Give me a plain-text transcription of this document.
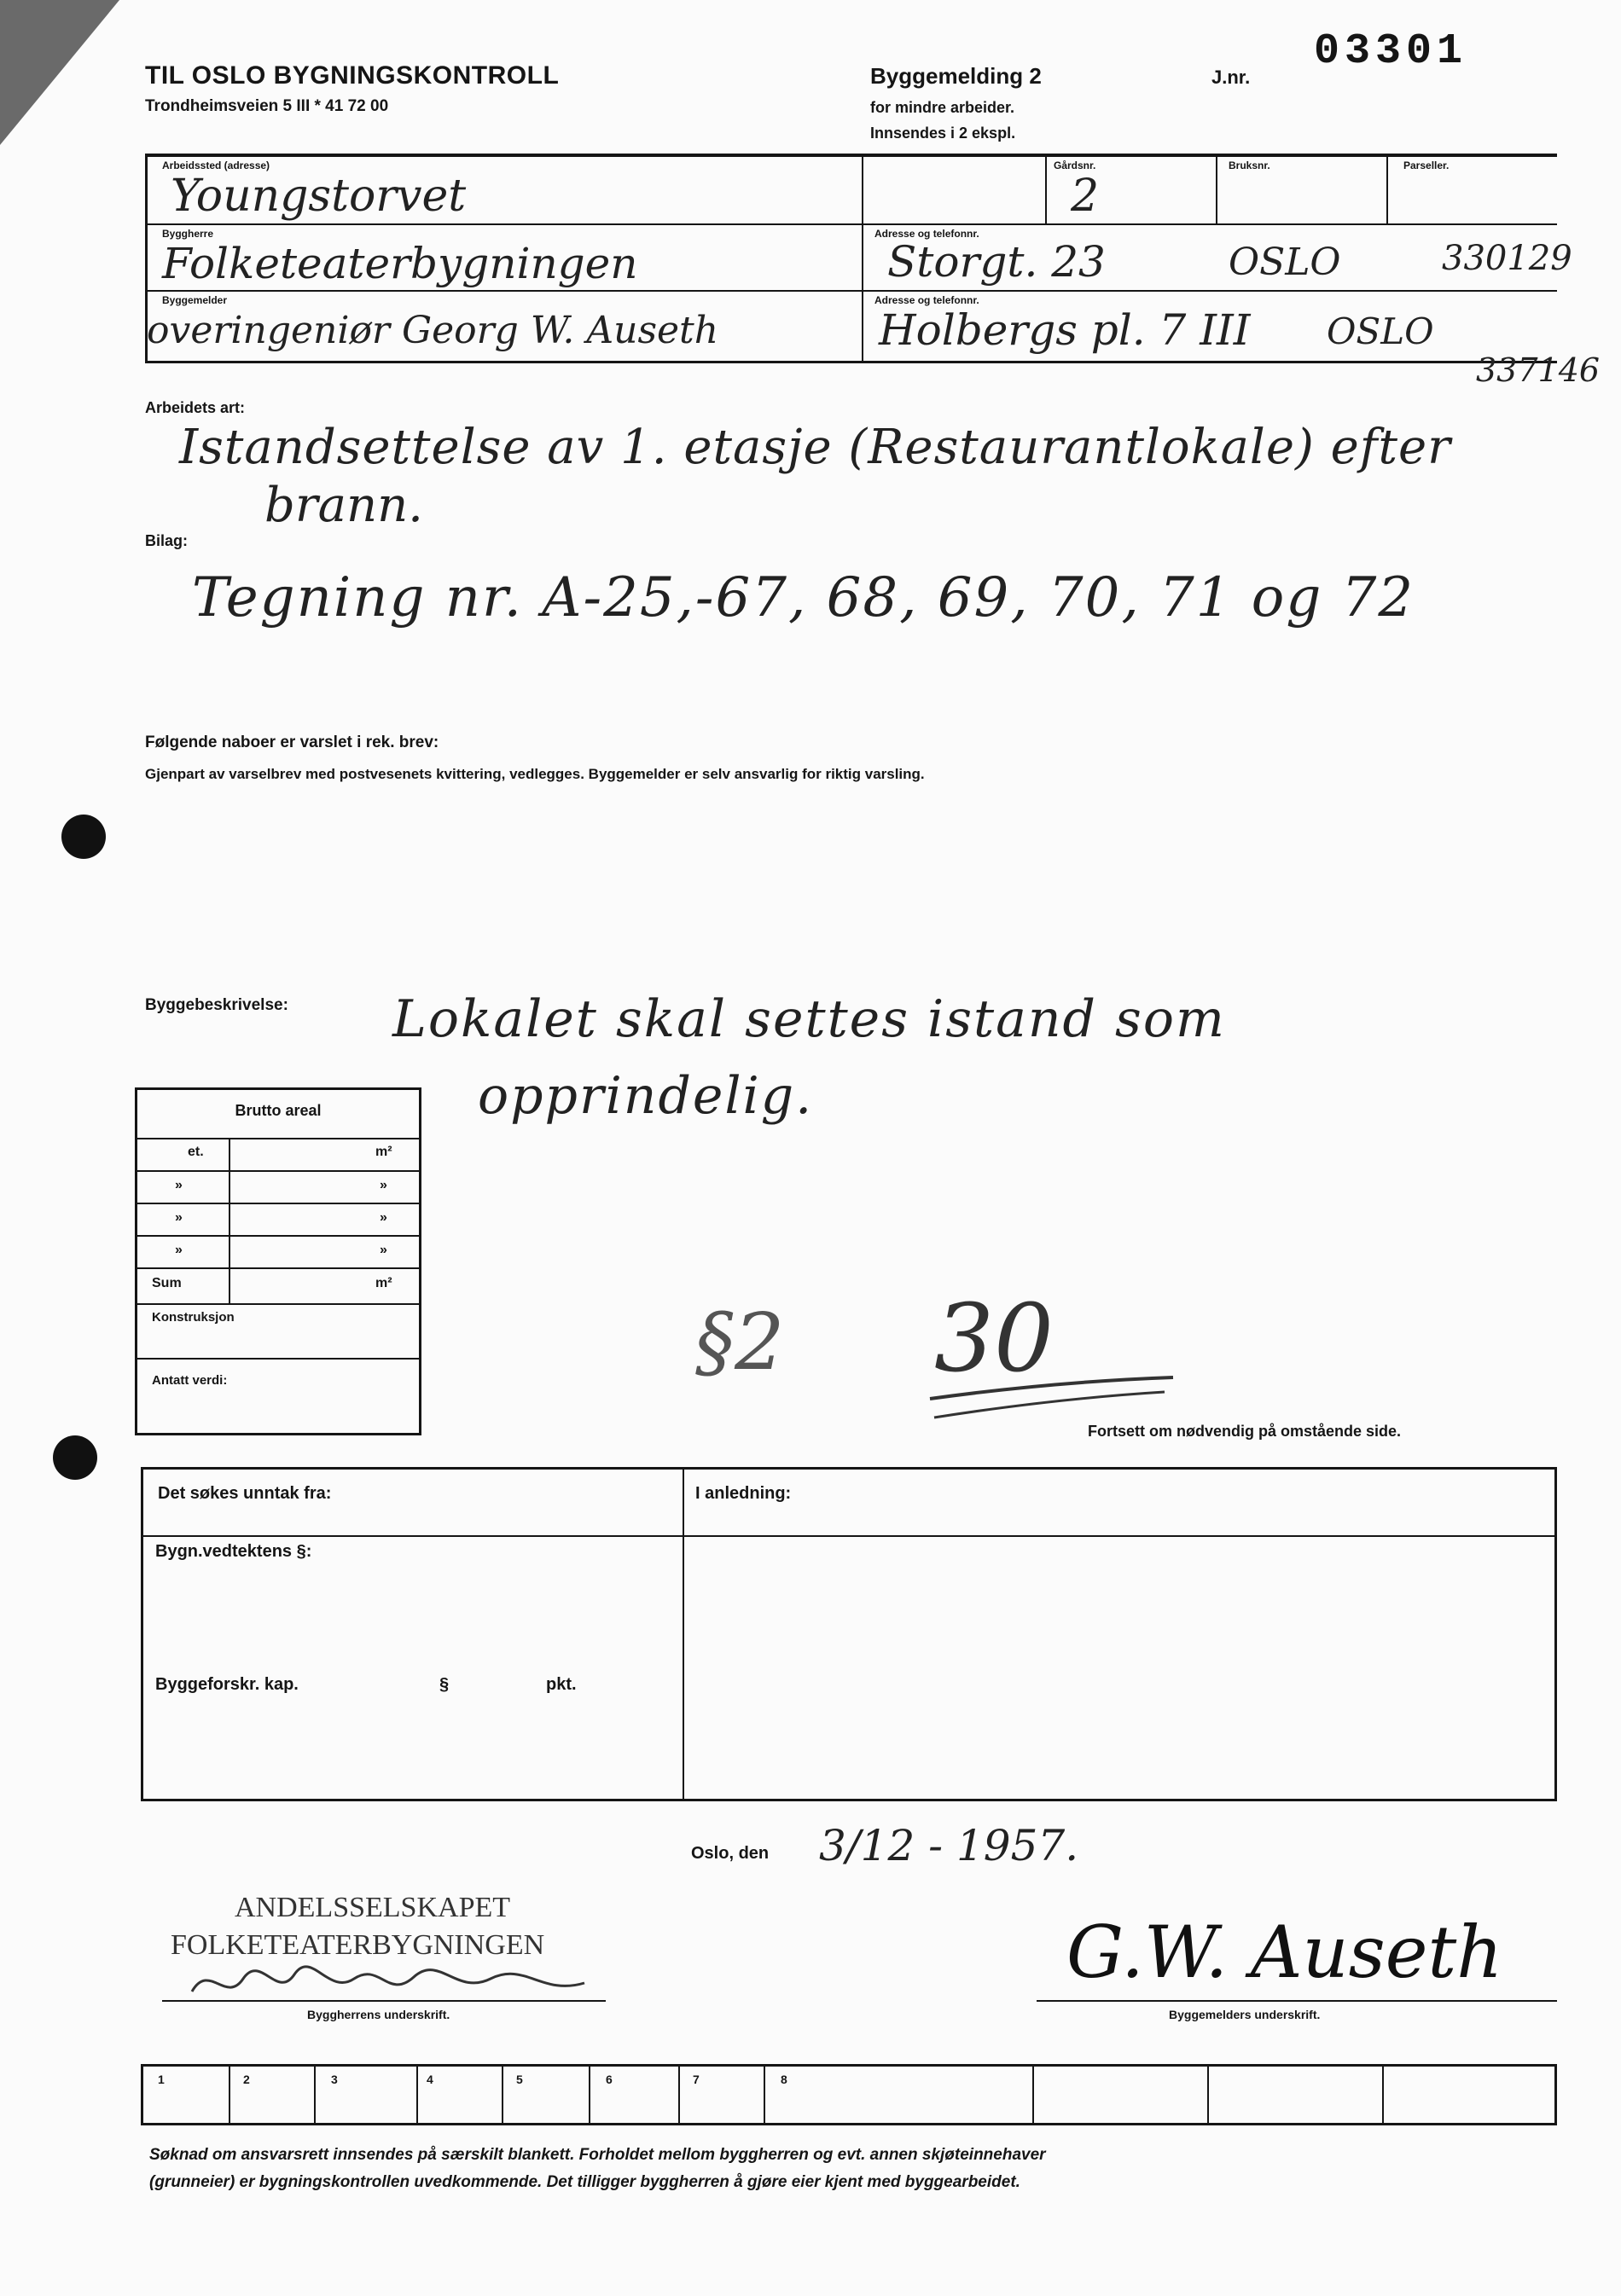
TIL OSLO BYGNINGSKONTROLL
Trondheimsveien 5 III * 41 72 00
Byggemelding 2
for mindre arbeider.
Innsendes i 2 ekspl.
J.nr.
03301
Arbeidssted (adresse)
Youngstorvet
Gårdsnr.
2
Bruksnr.	Parseller.
Byggherre
Folketeaterbygningen
Adresse og telefonnr.
Storgt. 23	OSLO	330129
Byggemelder
overingeniør Georg W. Auseth
Adresse og telefonnr.
Holbergs pl. 7 III OSLO
337146
Arbeidets art:
Istandsettelse av 1. etasje (Restaurantlokale) efter
brann.
Bilag:
Tegning nr. A-25,-67, 68, 69, 70, 71 og 72
Følgende naboer er varslet i rek. brev:
Gjenpart av varselbrev med postvesenets kvittering, vedlegges. Byggemelder er selv ansvarlig for riktig varsling.
Byggebeskrivelse: Lokalet skal settes istand som
opprindelig.
Brutto areal
et.	m²
»	»
»	»
»	»
Sum	m²
Konstruksjon
Antatt verdi:	§2 30
Fortsett om nødvendig på omstående side.
Det søkes unntak fra:	I anledning:
Bygn.vedtektens §:
Byggeforskr. kap.	§	pkt.
Oslo, den 3/12 - 1957.
ANDELSSELSKAPET
FOLKETEATERBYGNINGEN
Byggherrens underskrift.
G.W. Auseth
Byggemelders underskrift.
1	2	3	4	5	6	7	8
Søknad om ansvarsrett innsendes på særskilt blankett. Forholdet mellom byggherren og evt. annen skjøteinnehaver
(grunneier) er bygningskontrollen uvedkommende. Det tilligger byggherren å gjøre eier kjent med byggearbeidet.
